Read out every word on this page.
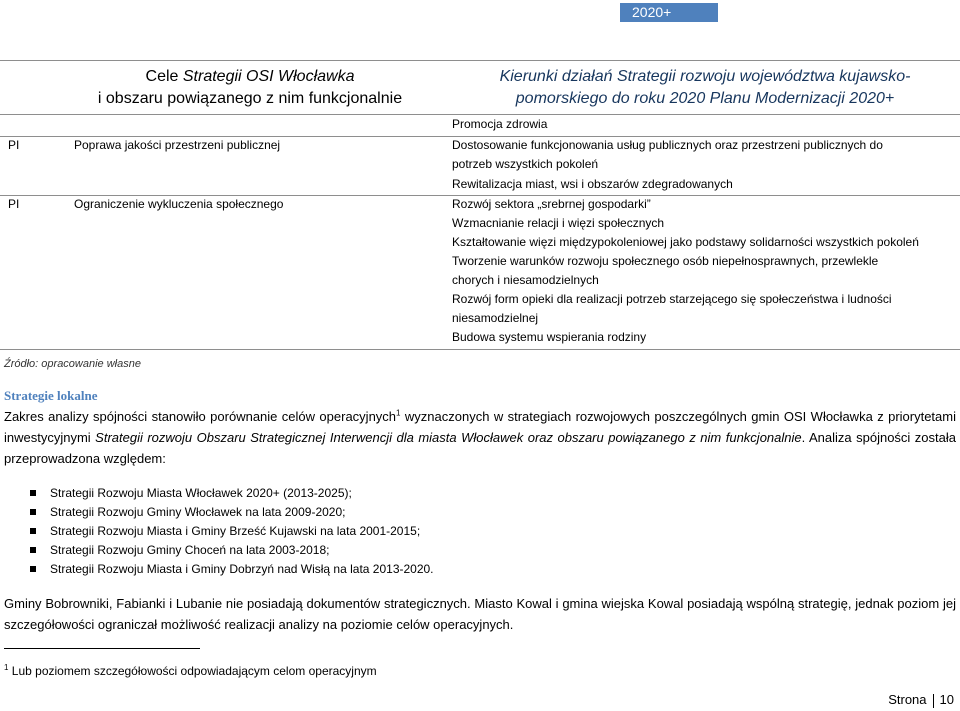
2020+
Cele Strategii OSI Włocławka
i obszaru powiązanego z nim funkcjonalnie
Kierunki działań Strategii rozwoju województwa kujawsko-
pomorskiego do roku 2020 Planu Modernizacji 2020+
Promocja zdrowia
PI	Poprawa jakości przestrzeni publicznej	Dostosowanie funkcjonowania usług publicznych oraz przestrzeni publicznych do
potrzeb wszystkich pokoleń
Rewitalizacja miast, wsi i obszarów zdegradowanych
PI	Ograniczenie wykluczenia społecznego	Rozwój sektora „srebrnej gospodarki”
Wzmacnianie relacji i więzi społecznych
Kształtowanie więzi międzypokoleniowej jako podstawy solidarności wszystkich pokoleń
Tworzenie warunków rozwoju społecznego osób niepełnosprawnych, przewlekle
chorych i niesamodzielnych
Rozwój form opieki dla realizacji potrzeb starzejącego się społeczeństwa i ludności
niesamodzielnej
Budowa systemu wspierania rodziny
Źródło: opracowanie własne
Strategie lokalne
Zakres analizy spójności stanowiło porównanie celów operacyjnych$^1$ wyznaczonych w strategiach rozwojowych poszczególnych gmin OSI Włocławka z priorytetami inwestycyjnymi Strategii rozwoju Obszaru Strategicznej Interwencji dla miasta Włocławek oraz obszaru powiązanego z nim funkcjonalnie. Analiza spójności została przeprowadzona względem:
Strategii Rozwoju Miasta Włocławek 2020+ (2013-2025);
Strategii Rozwoju Gminy Włocławek na lata 2009-2020;
Strategii Rozwoju Miasta i Gminy Brześć Kujawski na lata 2001-2015;
Strategii Rozwoju Gminy Choceń na lata 2003-2018;
Strategii Rozwoju Miasta i Gminy Dobrzyń nad Wisłą na lata 2013-2020.
Gminy Bobrowniki, Fabianki i Lubanie nie posiadają dokumentów strategicznych. Miasto Kowal i gmina wiejska Kowal posiadają wspólną strategię, jednak poziom jej szczegółowości ograniczał możliwość realizacji analizy na poziomie celów operacyjnych.
$^1$ Lub poziomem szczegółowości odpowiadającym celom operacyjnym
Strona 10
